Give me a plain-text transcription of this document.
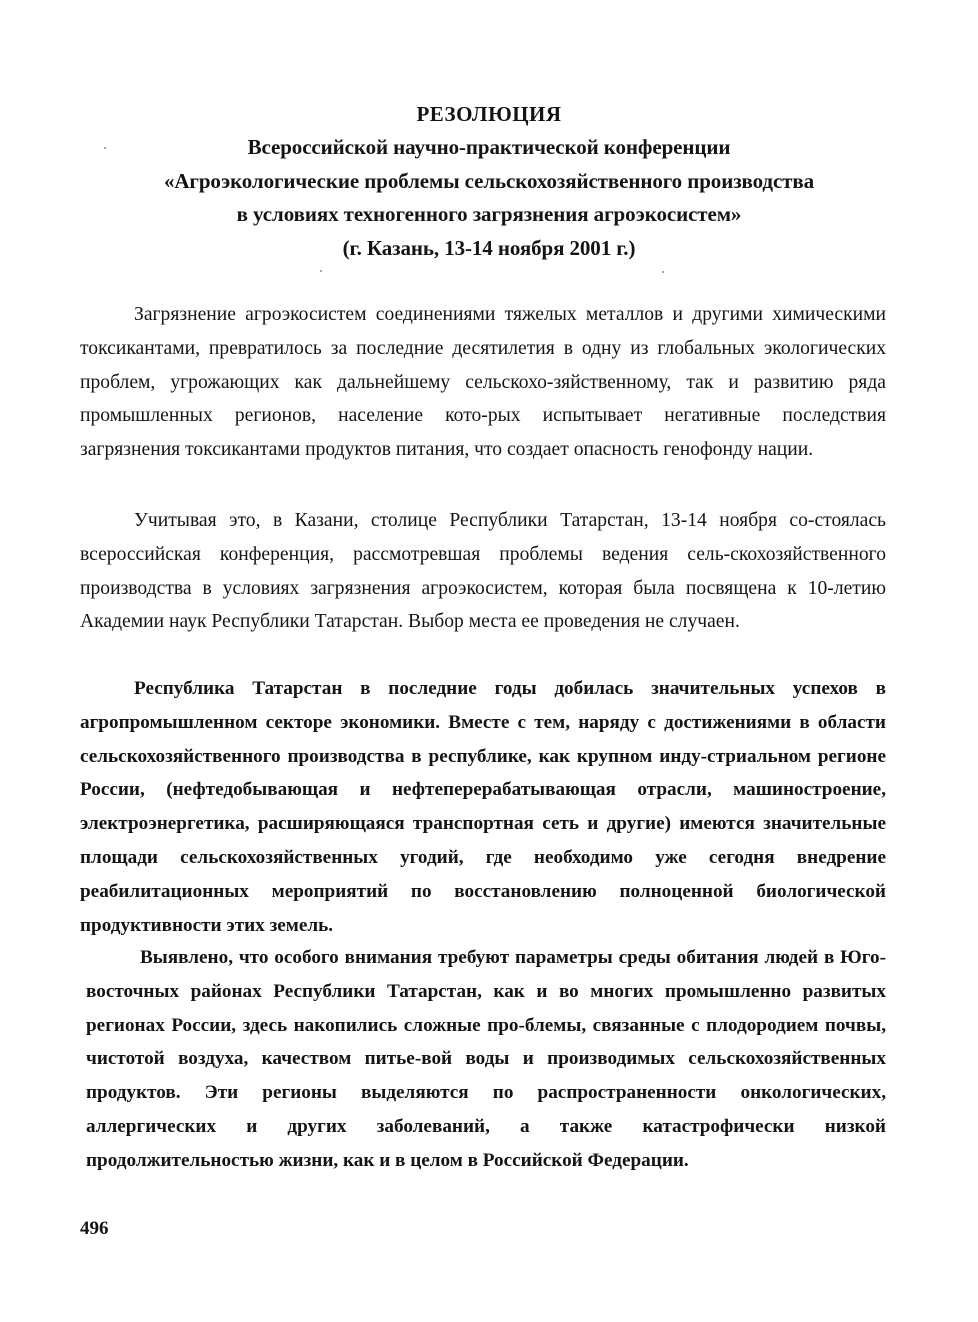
РЕЗОЛЮЦИЯ
Всероссийской научно-практической конференции
«Агроэкологические проблемы сельскохозяйственного производства
в условиях техногенного загрязнения агроэкосистем»
(г. Казань, 13-14 ноября 2001 г.)
Загрязнение агроэкосистем соединениями тяжелых металлов и другими химическими токсикантами, превратилось за последние десятилетия в одну из глобальных экологических проблем, угрожающих как дальнейшему сельскохо-зяйственному, так и развитию ряда промышленных регионов, население кото-рых испытывает негативные последствия загрязнения токсикантами продуктов питания, что создает опасность генофонду нации.
Учитывая это, в Казани, столице Республики Татарстан, 13-14 ноября со-стоялась всероссийская конференция, рассмотревшая проблемы ведения сель-скохозяйственного производства в условиях загрязнения агроэкосистем, которая была посвящена к 10-летию Академии наук Республики Татарстан. Выбор места ее проведения не случаен.
Республика Татарстан в последние годы добилась значительных успехов в агропромышленном секторе экономики. Вместе с тем, наряду с достижениями в области сельскохозяйственного производства в республике, как крупном инду-стриальном регионе России, (нефтедобывающая и нефтеперерабатывающая отрасли, машиностроение, электроэнергетика, расширяющаяся транспортная сеть и другие) имеются значительные площади сельскохозяйственных угодий, где необходимо уже сегодня внедрение реабилитационных мероприятий по восстановлению полноценной биологической продуктивности этих земель.
Выявлено, что особого внимания требуют параметры среды обитания людей в Юго-восточных районах Республики Татарстан, как и во многих промышленно развитых регионах России, здесь накопились сложные про-блемы, связанные с плодородием почвы, чистотой воздуха, качеством питье-вой воды и производимых сельскохозяйственных продуктов. Эти регионы выделяются по распространенности онкологических, аллергических и других заболеваний, а также катастрофически низкой продолжительностью жизни, как и в целом в Российской Федерации.
496
